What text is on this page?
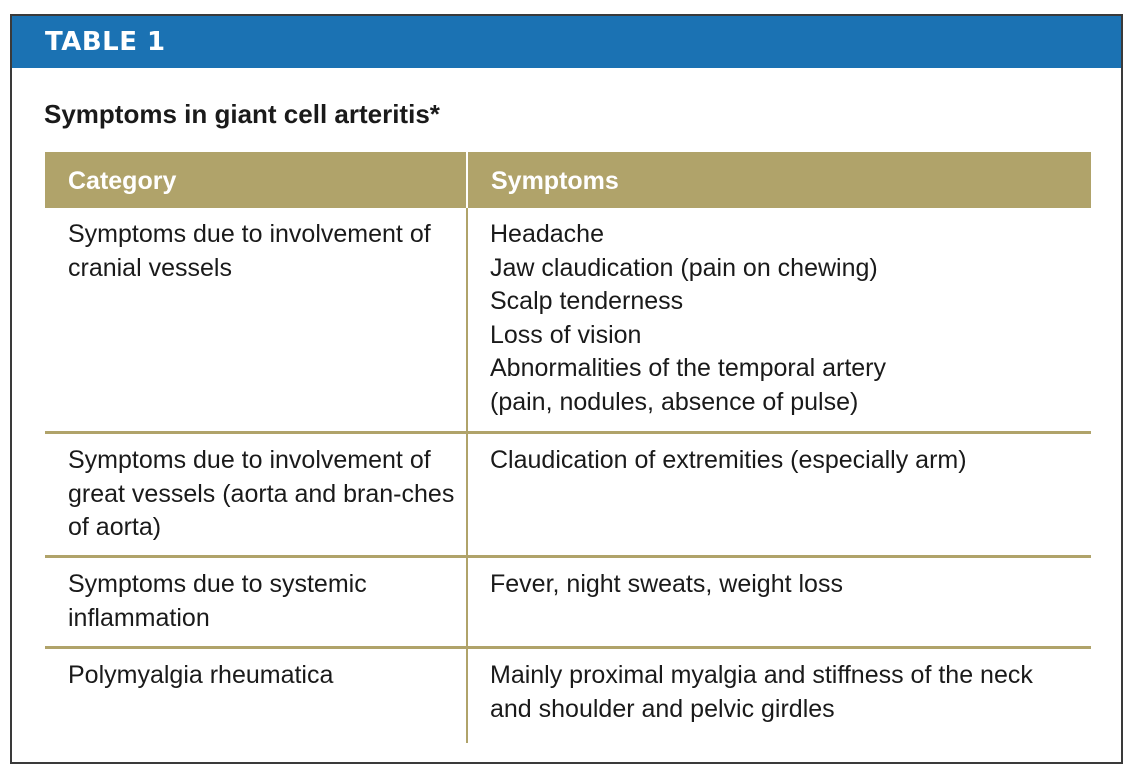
TABLE 1
Symptoms in giant cell arteritis*
Category	Symptoms
Symptoms due to involvement of cranial vessels
Headache
Jaw claudication (pain on chewing)
Scalp tenderness
Loss of vision
Abnormalities of the temporal artery
(pain, nodules, absence of pulse)
Symptoms due to involvement of great vessels (aorta and bran-ches of aorta)
Claudication of extremities (especially arm)
Symptoms due to systemic inflammation
Fever, night sweats, weight loss
Polymyalgia rheumatica	Mainly proximal myalgia and stiffness of the neck and shoulder and pelvic girdles
